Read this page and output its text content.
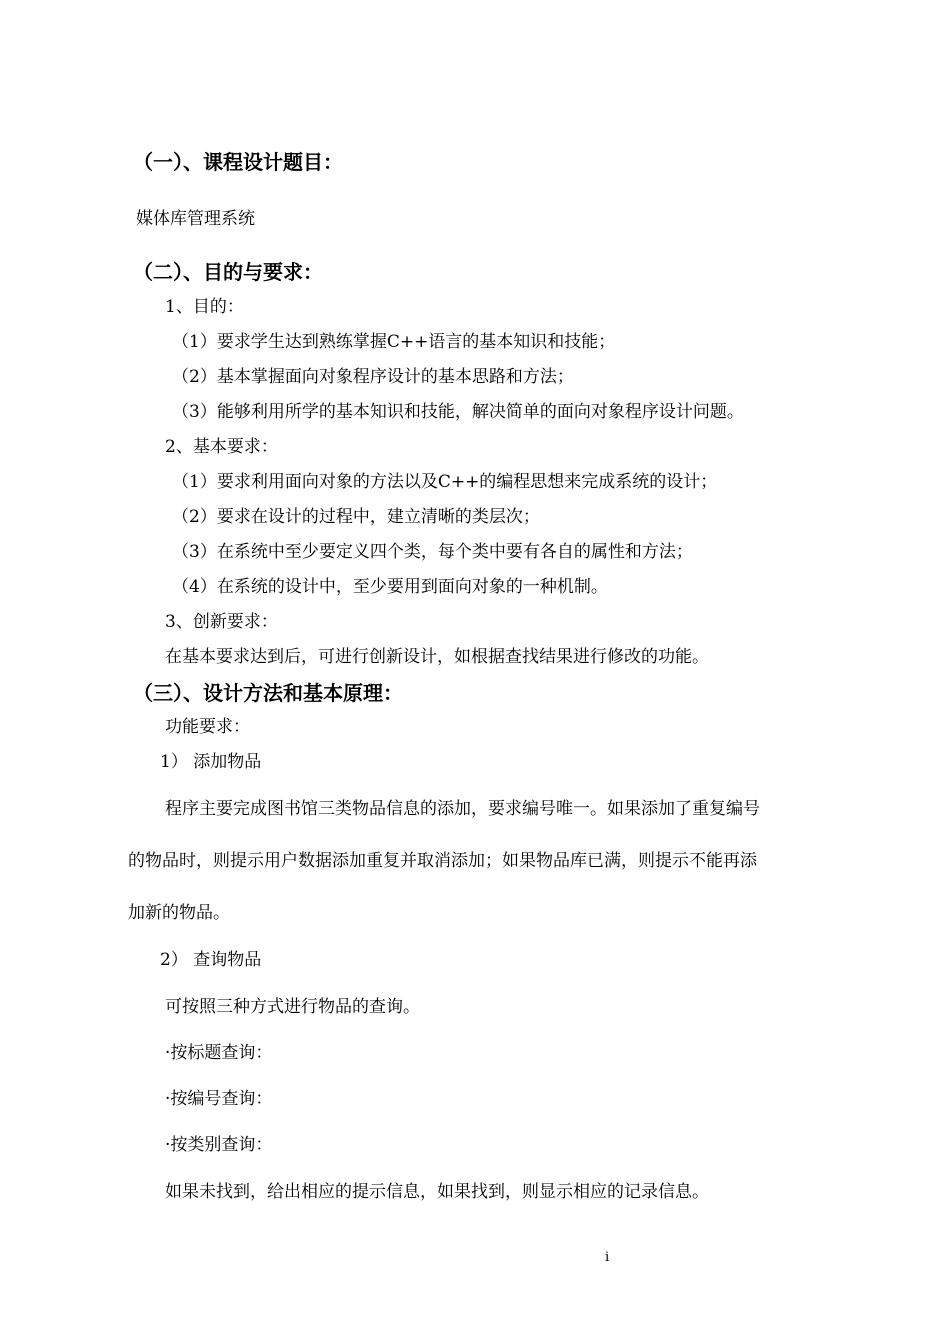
（一）、课程设计题目：
媒体库管理系统
（二）、目的与要求：
1、目的：
（1）要求学生达到熟练掌握C++语言的基本知识和技能；
（2）基本掌握面向对象程序设计的基本思路和方法；
（3）能够利用所学的基本知识和技能，解决简单的面向对象程序设计问题。
2、基本要求：
（1）要求利用面向对象的方法以及C++的编程思想来完成系统的设计；
（2）要求在设计的过程中，建立清晰的类层次；
（3）在系统中至少要定义四个类，每个类中要有各自的属性和方法；
（4）在系统的设计中，至少要用到面向对象的一种机制。
3、创新要求：
在基本要求达到后，可进行创新设计，如根据查找结果进行修改的功能。
（三）、设计方法和基本原理：
功能要求：
1） 添加物品
程序主要完成图书馆三类物品信息的添加，要求编号唯一。如果添加了重复编号
的物品时，则提示用户数据添加重复并取消添加；如果物品库已满，则提示不能再添
加新的物品。
2） 查询物品
可按照三种方式进行物品的查询。
·按标题查询：
·按编号查询：
·按类别查询：
如果未找到，给出相应的提示信息，如果找到，则显示相应的记录信息。
i
